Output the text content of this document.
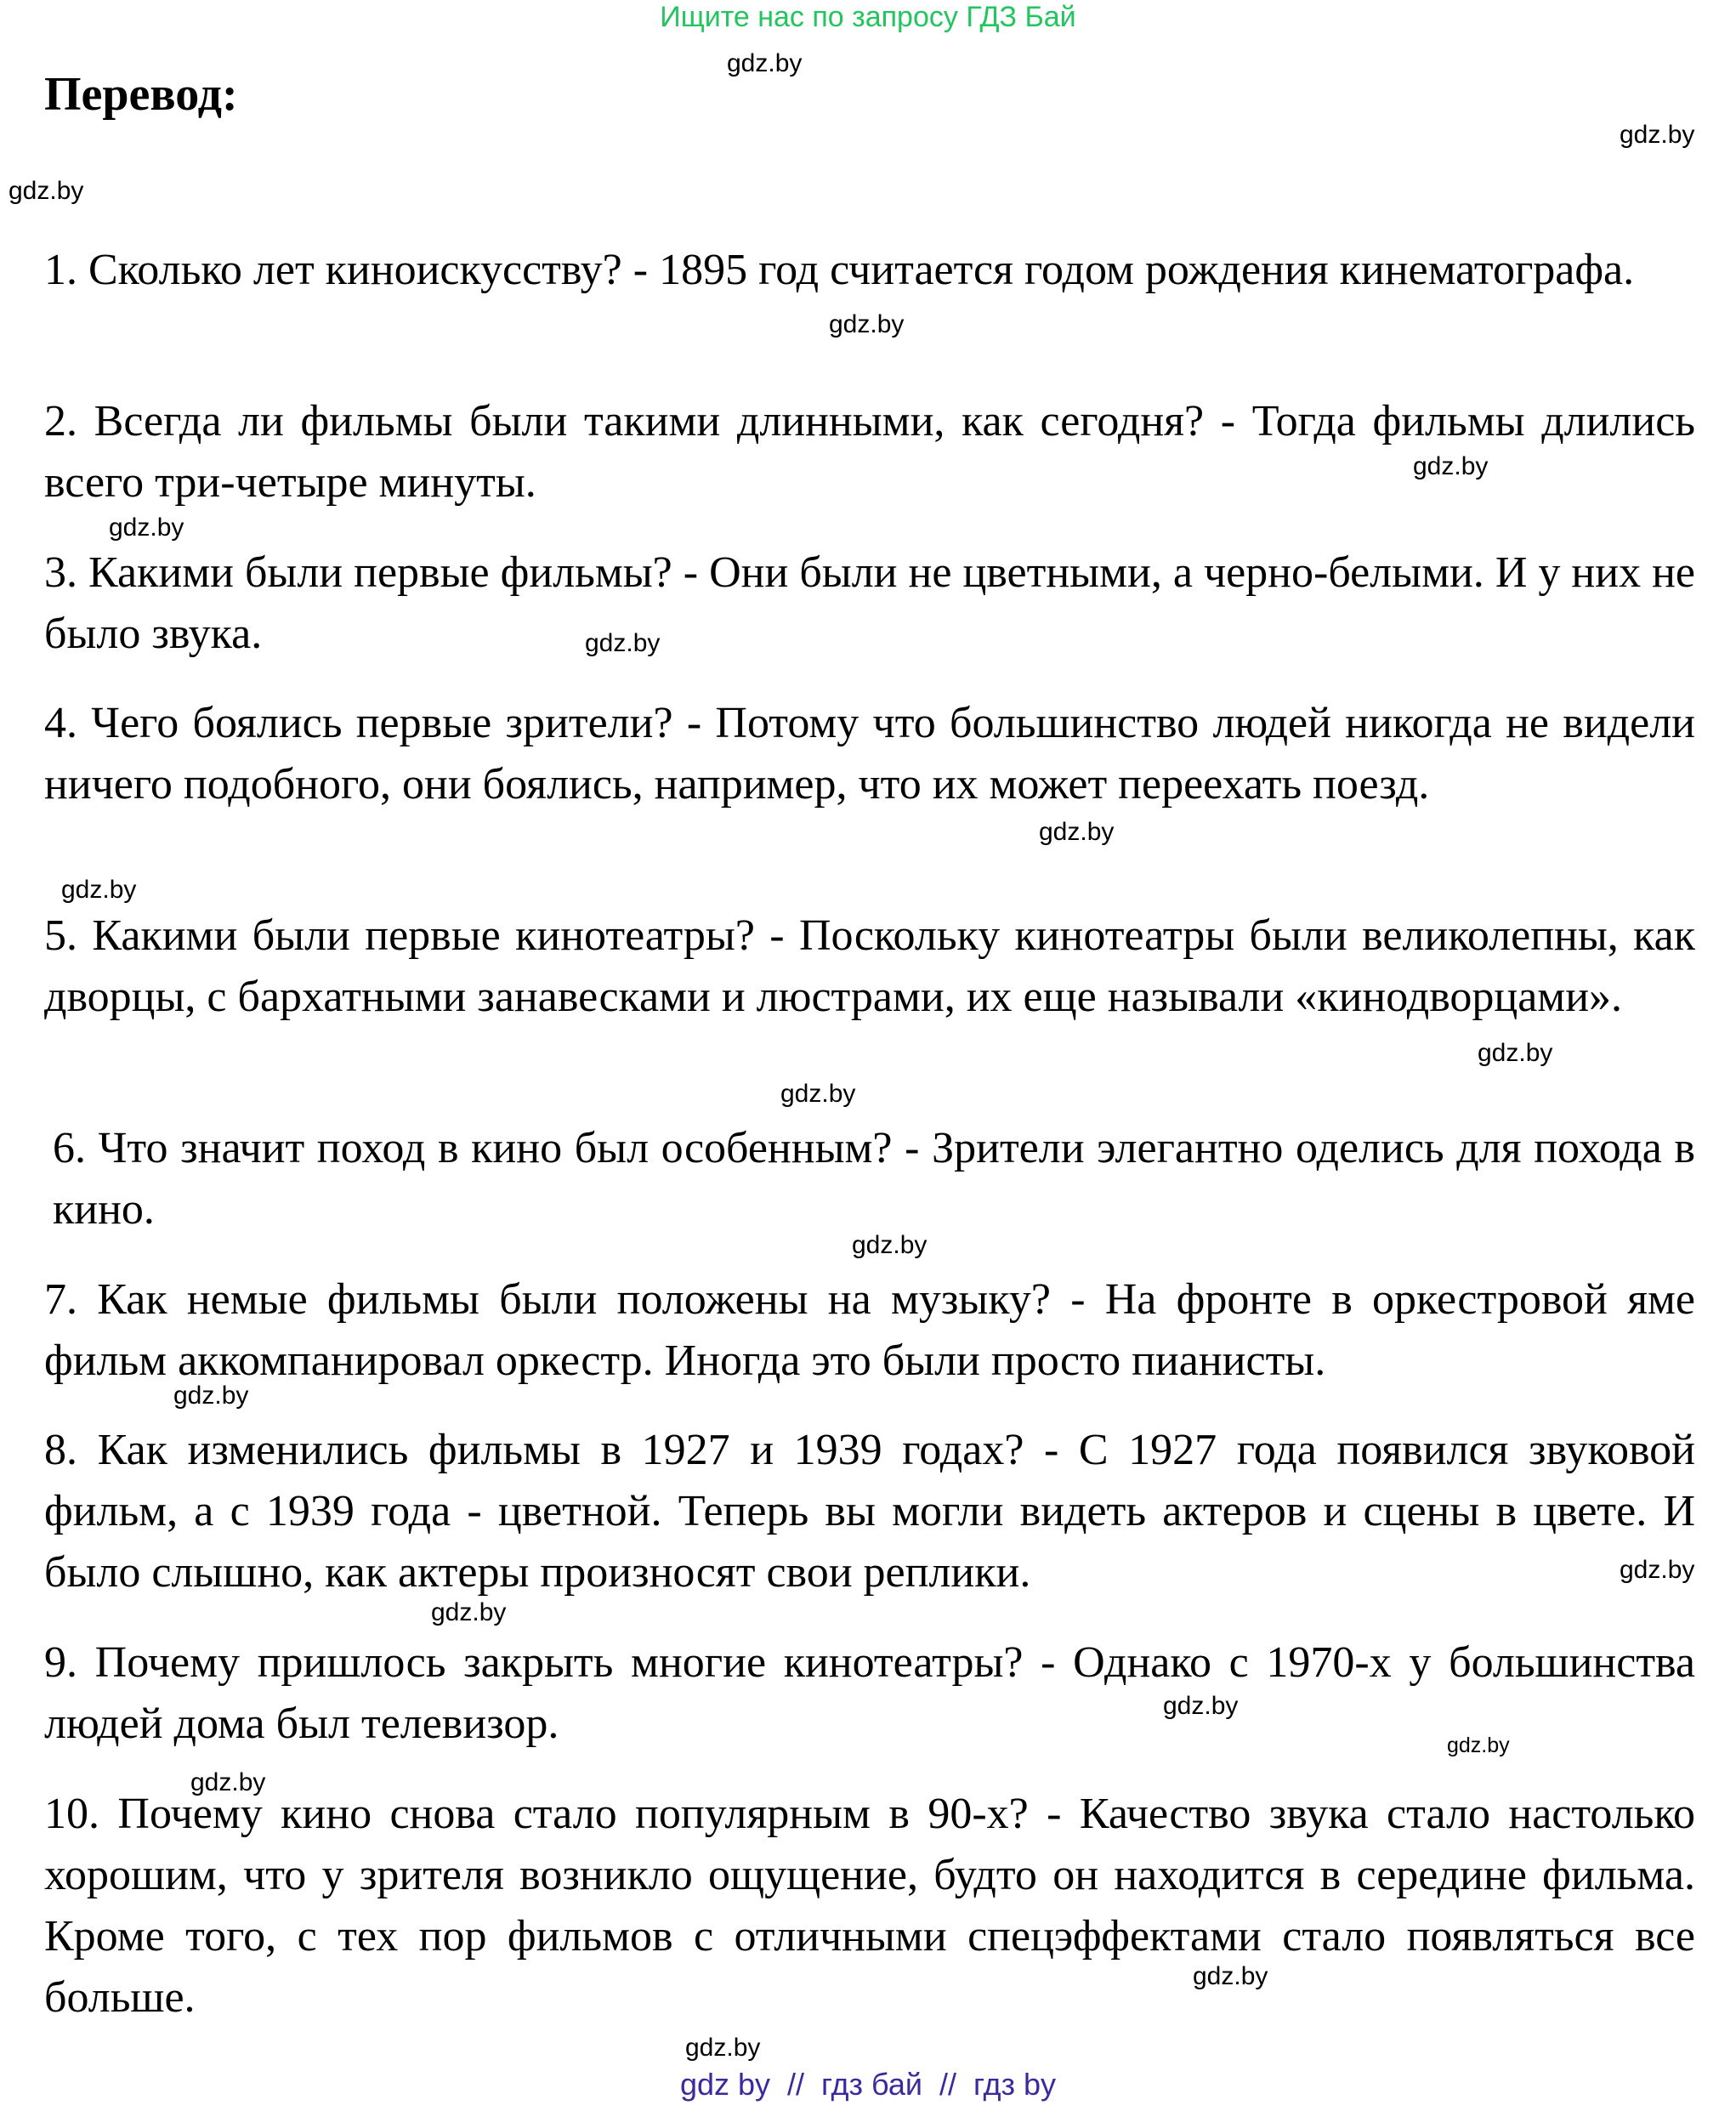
Ищите нас по запросу ГДЗ Бай
Перевод:

1. Сколько лет киноискусству? - 1895 год считается годом рождения кинематографа.

2. Всегда ли фильмы были такими длинными, как сегодня? - Тогда фильмы длились всего три-четыре минуты.

3. Какими были первые фильмы? - Они были не цветными, а черно-белыми. И у них не было звука.

4. Чего боялись первые зрители? - Потому что большинство людей никогда не видели ничего подобного, они боялись, например, что их может переехать поезд.

5. Какими были первые кинотеатры? - Поскольку кинотеатры были великолепны, как дворцы, с бархатными занавесками и люстрами, их еще называли «кинодворцами».

6. Что значит поход в кино был особенным? - Зрители элегантно оделись для похода в кино.

7. Как немые фильмы были положены на музыку? - На фронте в оркестровой яме фильм аккомпанировал оркестр. Иногда это были просто пианисты.

8. Как изменились фильмы в 1927 и 1939 годах? - С 1927 года появился звуковой фильм, а с 1939 года - цветной. Теперь вы могли видеть актеров и сцены в цвете. И было слышно, как актеры произносят свои реплики.

9. Почему пришлось закрыть многие кинотеатры? - Однако с 1970-х у большинства людей дома был телевизор.

10. Почему кино снова стало популярным в 90-х? - Качество звука стало настолько хорошим, что у зрителя возникло ощущение, будто он находится в середине фильма. Кроме того, с тех пор фильмов с отличными спецэффектами стало появляться все больше.

gdz.by
gdz.by
gdz.by
gdz.by
gdz.by
gdz.by
gdz.by
gdz.by
gdz.by
gdz.by
gdz.by
gdz.by
gdz.by
gdz.by
gdz.by
gdz.by
gdz.by
gdz.by
gdz.by
gdz.by
gdz by  //  гдз бай  //  гдз by
